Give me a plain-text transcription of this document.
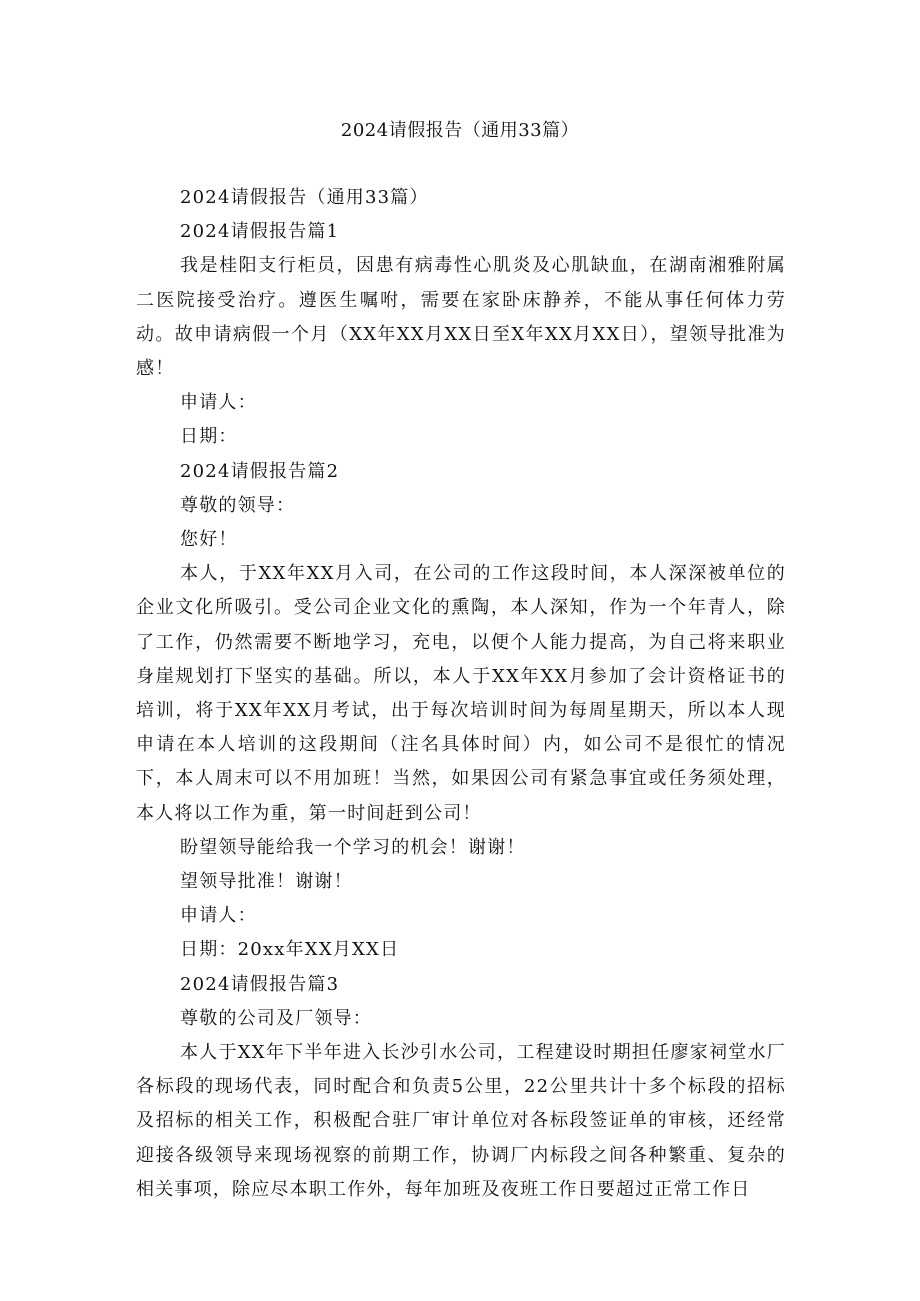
2024请假报告（通用33篇）

2024请假报告（通用33篇）

2024请假报告篇1

我是桂阳支行柜员，因患有病毒性心肌炎及心肌缺血，在湖南湘雅附属二医院接受治疗。遵医生嘱咐，需要在家卧床静养，不能从事任何体力劳动。故申请病假一个月（XX年XX月XX日至X年XX月XX日），望领导批准为感！

申请人：

日期：

2024请假报告篇2

尊敬的领导：

您好！

本人，于XX年XX月入司，在公司的工作这段时间，本人深深被单位的企业文化所吸引。受公司企业文化的熏陶，本人深知，作为一个年青人，除了工作，仍然需要不断地学习，充电，以便个人能力提高，为自己将来职业身崖规划打下坚实的基础。所以，本人于XX年XX月参加了会计资格证书的培训，将于XX年XX月考试，出于每次培训时间为每周星期天，所以本人现申请在本人培训的这段期间（注名具体时间）内，如公司不是很忙的情况下，本人周末可以不用加班！当然，如果因公司有紧急事宜或任务须处理，本人将以工作为重，第一时间赶到公司！

盼望领导能给我一个学习的机会！谢谢！

望领导批准！谢谢！

申请人：

日期：20xx年XX月XX日

2024请假报告篇3

尊敬的公司及厂领导：

本人于XX年下半年进入长沙引水公司，工程建设时期担任廖家祠堂水厂各标段的现场代表，同时配合和负责5公里，22公里共计十多个标段的招标及招标的相关工作，积极配合驻厂审计单位对各标段签证单的审核，还经常迎接各级领导来现场视察的前期工作，协调厂内标段之间各种繁重、复杂的相关事项，除应尽本职工作外，每年加班及夜班工作日要超过正常工作日
